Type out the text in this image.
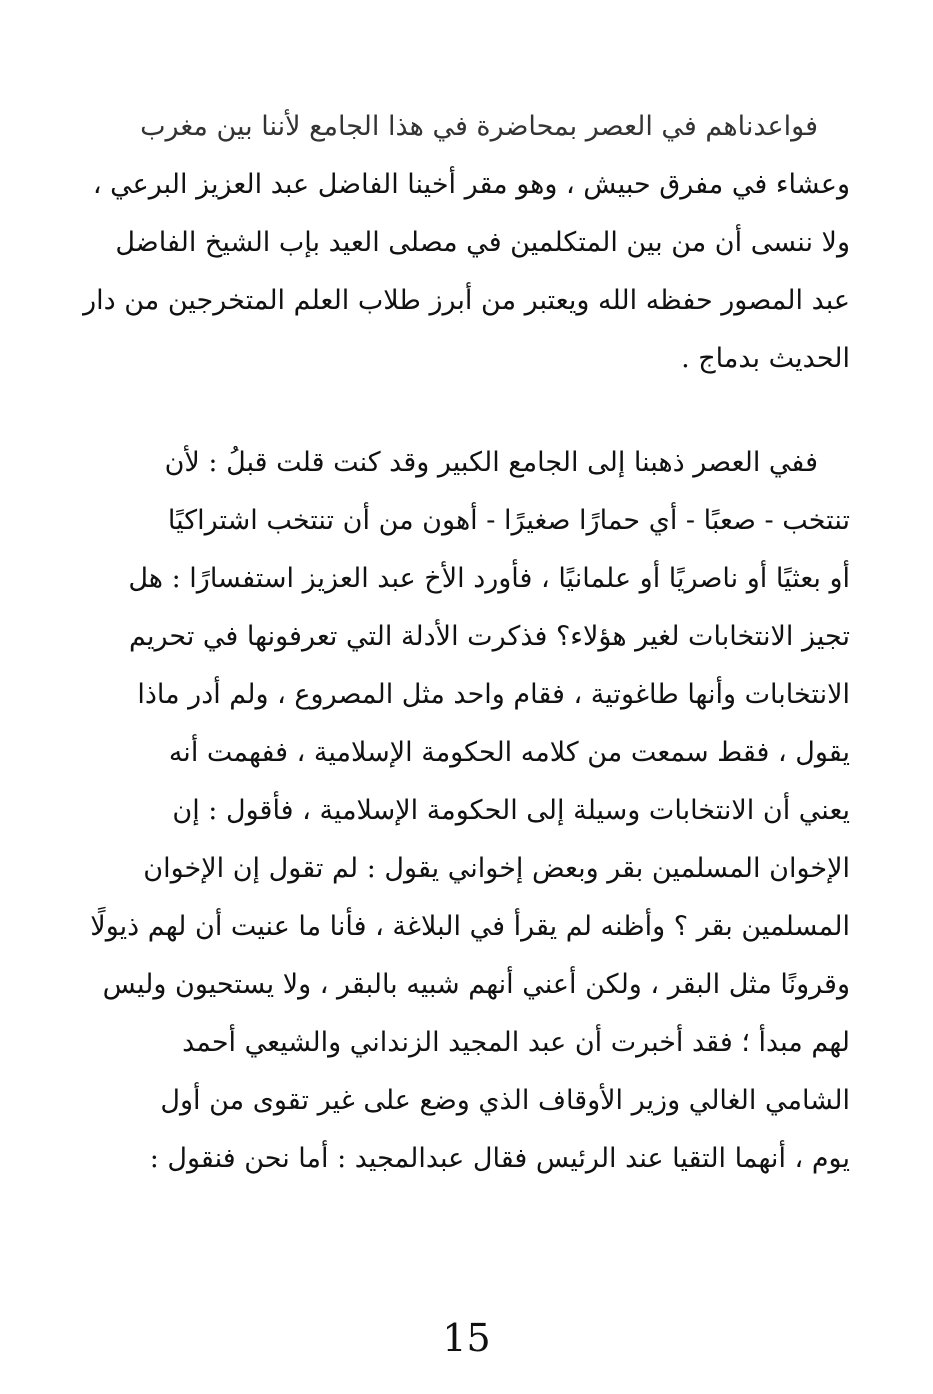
فواعدناهم في العصر بمحاضرة في هذا الجامع لأننا بين مغرب
وعشاء في مفرق حبيش ، وهو مقر أخينا الفاضل عبد العزيز البرعي ،
ولا ننسى أن من بين المتكلمين في مصلى العيد بإب الشيخ الفاضل
عبد المصور حفظه الله ويعتبر من أبرز طلاب العلم المتخرجين من دار
الحديث بدماج .
ففي العصر ذهبنا إلى الجامع الكبير وقد كنت قلت قبلُ : لأن
تنتخب - صعبًا - أي حمارًا صغيرًا - أهون من أن تنتخب اشتراكيًا
أو بعثيًا أو ناصريًا أو علمانيًا ، فأورد الأخ عبد العزيز استفسارًا : هل
تجيز الانتخابات لغير هؤلاء؟ فذكرت الأدلة التي تعرفونها في تحريم
الانتخابات وأنها طاغوتية ، فقام واحد مثل المصروع ، ولم أدر ماذا
يقول ، فقط سمعت من كلامه الحكومة الإسلامية ، ففهمت أنه
يعني أن الانتخابات وسيلة إلى الحكومة الإسلامية ، فأقول : إن
الإخوان المسلمين بقر وبعض إخواني يقول : لم تقول إن الإخوان
المسلمين بقر ؟ وأظنه لم يقرأ في البلاغة ، فأنا ما عنيت أن لهم ذيولًا
وقرونًا مثل البقر ، ولكن أعني أنهم شبيه بالبقر ، ولا يستحيون وليس
لهم مبدأ ؛ فقد أخبرت أن عبد المجيد الزنداني والشيعي أحمد
الشامي الغالي وزير الأوقاف الذي وضع على غير تقوى من أول
يوم ، أنهما التقيا عند الرئيس فقال عبدالمجيد : أما نحن فنقول :
15
